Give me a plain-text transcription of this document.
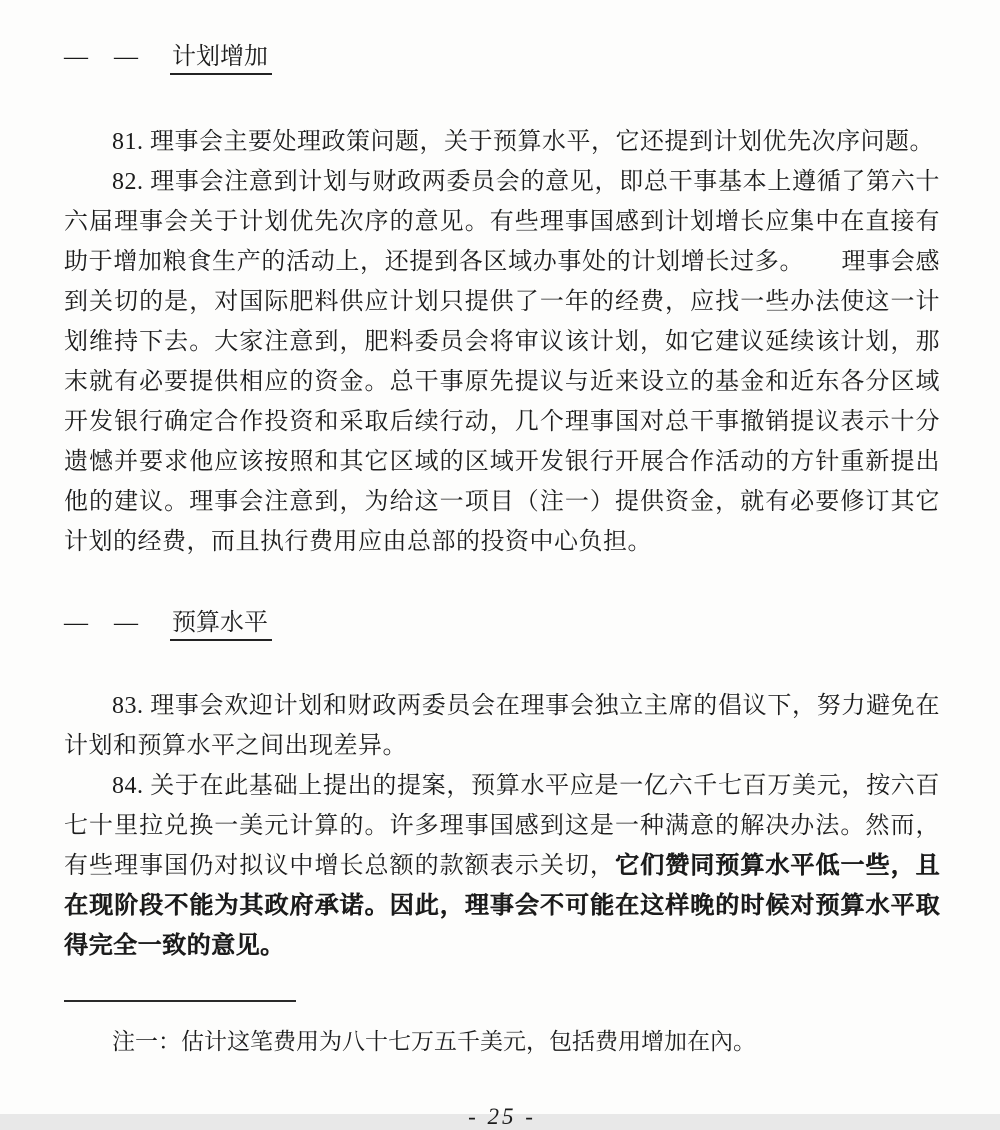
— — 计划增加

81. 理事会主要处理政策问题，关于预算水平，它还提到计划优先次序问题。

82. 理事会注意到计划与财政两委员会的意见，即总干事基本上遵循了第六十六届理事会关于计划优先次序的意见。有些理事国感到计划增长应集中在直接有助于增加粮食生产的活动上，还提到各区域办事处的计划增长过多。　　理事会感到关切的是，对国际肥料供应计划只提供了一年的经费，应找一些办法使这一计划维持下去。大家注意到，肥料委员会将审议该计划，如它建议延续该计划，那末就有必要提供相应的资金。总干事原先提议与近来设立的基金和近东各分区域开发银行确定合作投资和采取后续行动，几个理事国对总干事撤销提议表示十分遗憾并要求他应该按照和其它区域的区域开发银行开展合作活动的方针重新提出他的建议。理事会注意到，为给这一项目（注一）提供资金，就有必要修订其它计划的经费，而且执行费用应由总部的投资中心负担。

— — 预算水平

83. 理事会欢迎计划和财政两委员会在理事会独立主席的倡议下，努力避免在计划和预算水平之间出现差异。

84. 关于在此基础上提出的提案，预算水平应是一亿六千七百万美元，按六百七十里拉兑换一美元计算的。许多理事国感到这是一种满意的解决办法。然而，有些理事国仍对拟议中增长总额的款额表示关切，它们赞同预算水平低一些，且在现阶段不能为其政府承诺。因此，理事会不可能在这样晚的时候对预算水平取得完全一致的意见。

注一：估计这笔费用为八十七万五千美元，包括费用增加在內。

- 25 -
